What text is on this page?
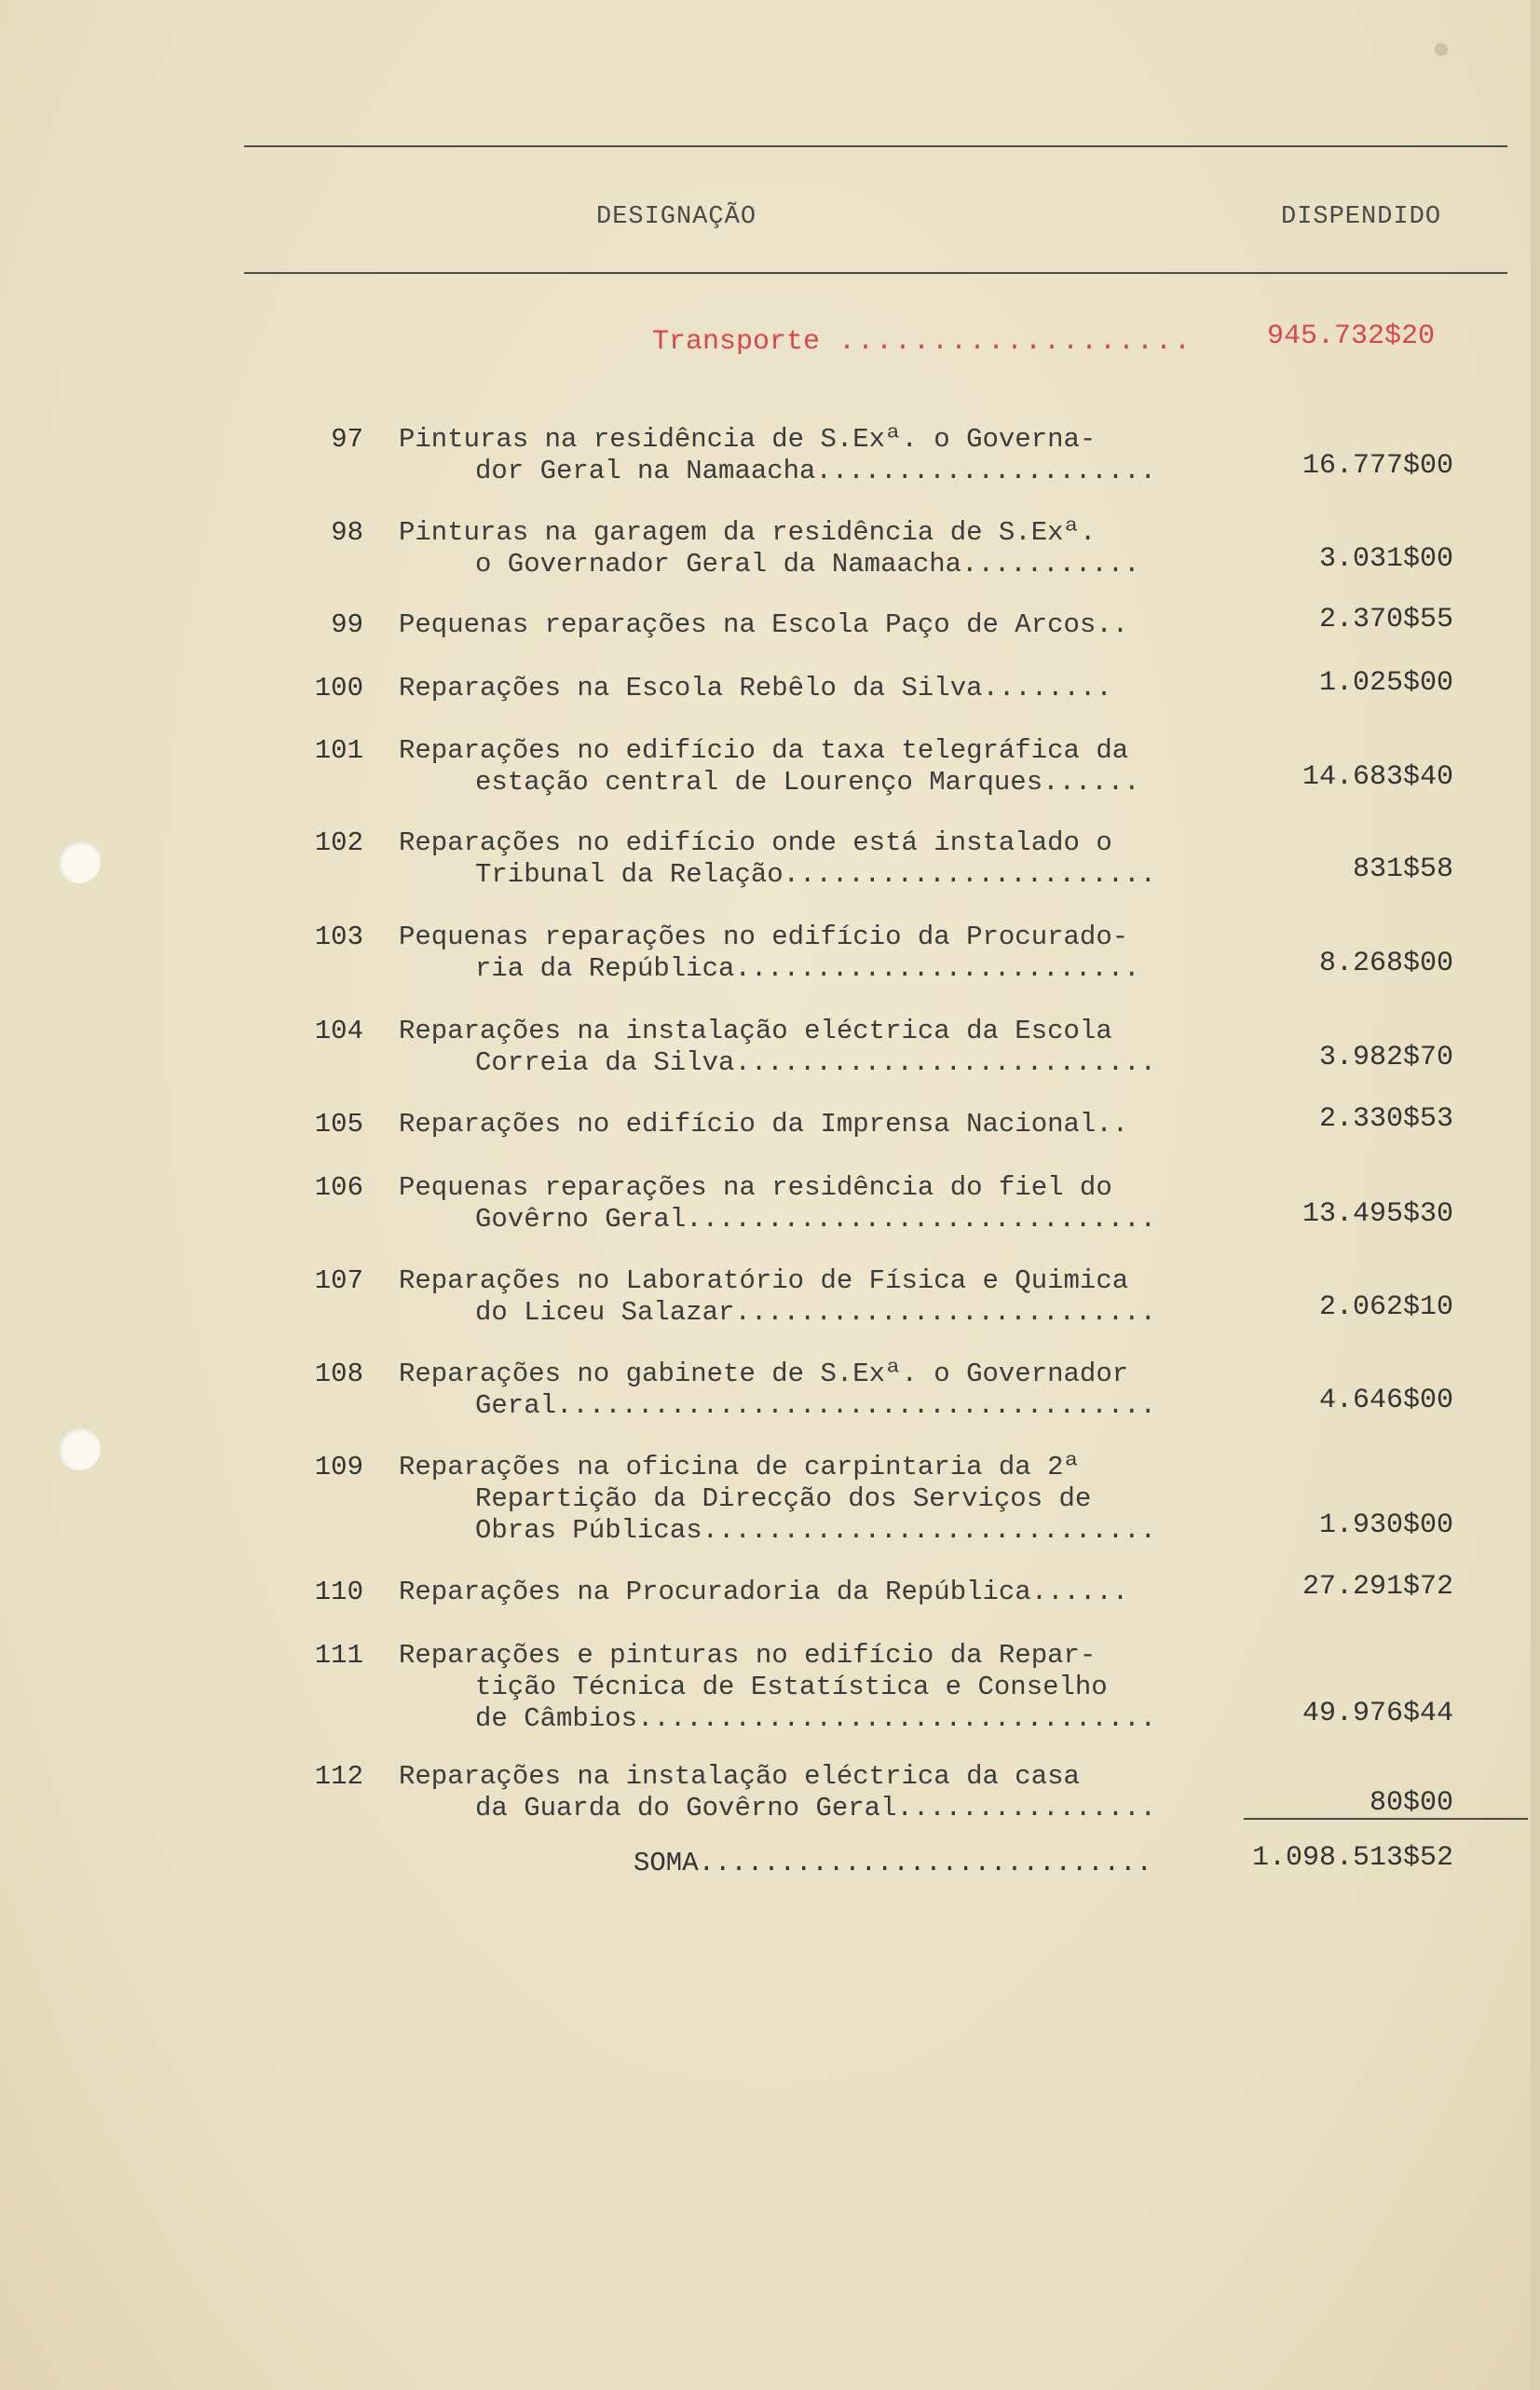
DESIGNAÇÃO	DISPENDIDO
Transporte ...................	945.732$20
97 Pinturas na residência de S.Exª. o Governa-
dor Geral na Namaacha.....................	16.777$00
98 Pinturas na garagem da residência de S.Exª.
o Governador Geral da Namaacha...........	3.031$00
99 Pequenas reparações na Escola Paço de Arcos..	2.370$55
100 Reparações na Escola Rebêlo da Silva........	1.025$00
101 Reparações no edifício da taxa telegráfica da
estação central de Lourenço Marques......	14.683$40
102 Reparações no edifício onde está instalado o
Tribunal da Relação.......................	831$58
103 Pequenas reparações no edifício da Procurado-
ria da República.........................	8.268$00
104 Reparações na instalação eléctrica da Escola
Correia da Silva..........................	3.982$70
105 Reparações no edifício da Imprensa Nacional..	2.330$53
106 Pequenas reparações na residência do fiel do
Govêrno Geral.............................	13.495$30
107 Reparações no Laboratório de Física e Quimica
do Liceu Salazar..........................	2.062$10
108 Reparações no gabinete de S.Exª. o Governador
Geral.....................................	4.646$00
109 Reparações na oficina de carpintaria da 2ª
Repartição da Direcção dos Serviços de
Obras Públicas............................	1.930$00
110 Reparações na Procuradoria da República......	27.291$72
111 Reparações e pinturas no edifício da Repar-
tição Técnica de Estatística e Conselho
de Câmbios................................	49.976$44
112 Reparações na instalação eléctrica da casa
da Guarda do Govêrno Geral................	80$00
SOMA............................	1.098.513$52
